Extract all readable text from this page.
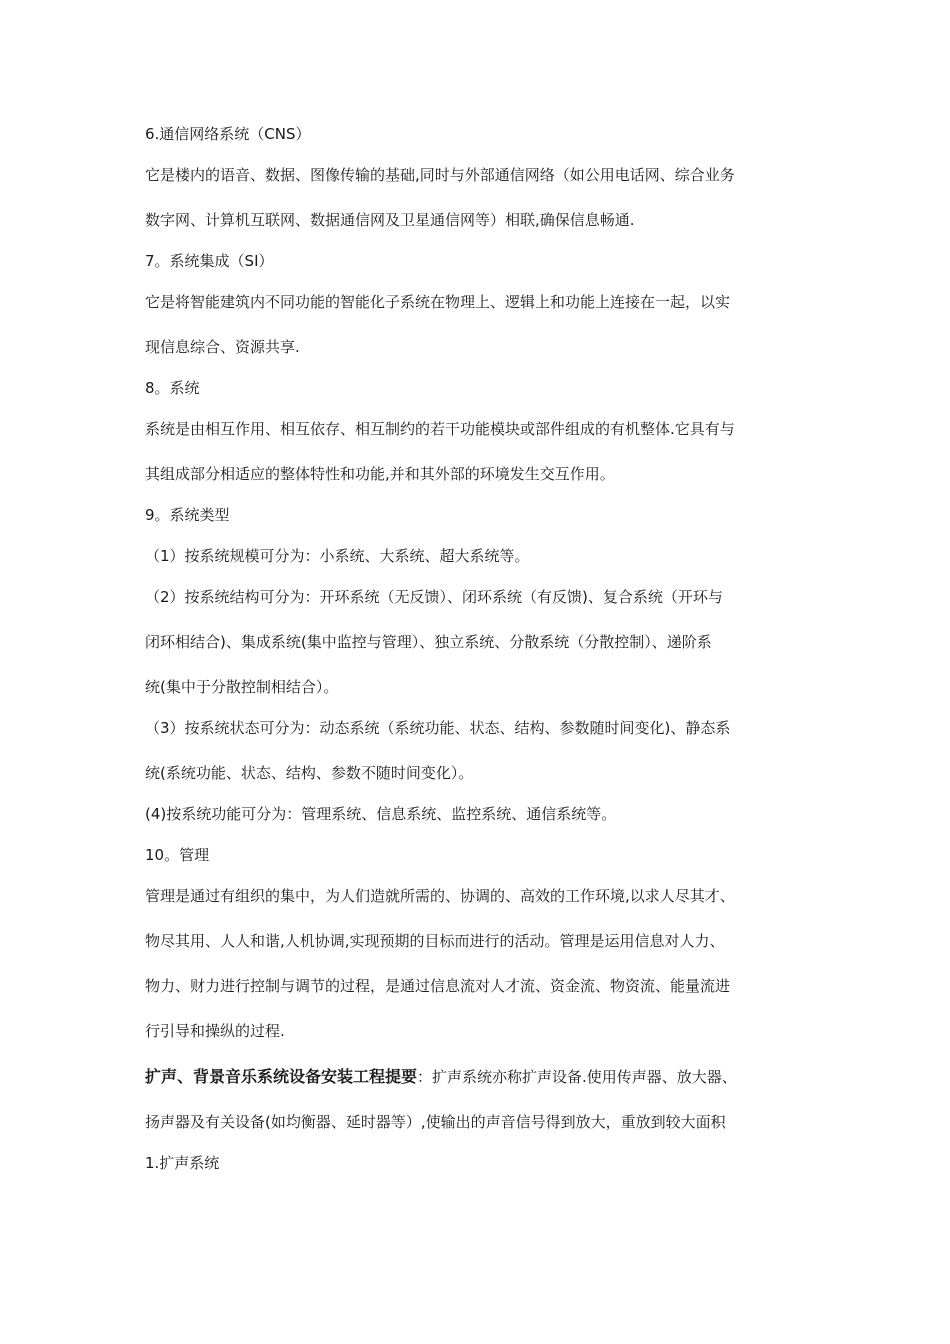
6.通信网络系统（CNS）

它是楼内的语音、数据、图像传输的基础,同时与外部通信网络（如公用电话网、综合业务

数字网、计算机互联网、数据通信网及卫星通信网等）相联,确保信息畅通.

7。系统集成（SI）

它是将智能建筑内不同功能的智能化子系统在物理上、逻辑上和功能上连接在一起，以实

现信息综合、资源共享.

8。系统

系统是由相互作用、相互依存、相互制约的若干功能模块或部件组成的有机整体.它具有与

其组成部分相适应的整体特性和功能,并和其外部的环境发生交互作用。

9。系统类型

（1）按系统规模可分为：小系统、大系统、超大系统等。

（2）按系统结构可分为：开环系统（无反馈）、闭环系统（有反馈)、复合系统（开环与

闭环相结合)、集成系统(集中监控与管理）、独立系统、分散系统（分散控制）、递阶系

统(集中于分散控制相结合）。

（3）按系统状态可分为：动态系统（系统功能、状态、结构、参数随时间变化)、静态系

统(系统功能、状态、结构、参数不随时间变化）。

(4)按系统功能可分为：管理系统、信息系统、监控系统、通信系统等。

10。管理

管理是通过有组织的集中，为人们造就所需的、协调的、高效的工作环境,以求人尽其才、

物尽其用、人人和谐,人机协调,实现预期的目标而进行的活动。管理是运用信息对人力、

物力、财力进行控制与调节的过程，是通过信息流对人才流、资金流、物资流、能量流进

行引导和操纵的过程.

扩声、背景音乐系统设备安装工程提要：扩声系统亦称扩声设备.使用传声器、放大器、

扬声器及有关设备(如均衡器、延时器等）,使输出的声音信号得到放大，重放到较大面积

1.扩声系统
